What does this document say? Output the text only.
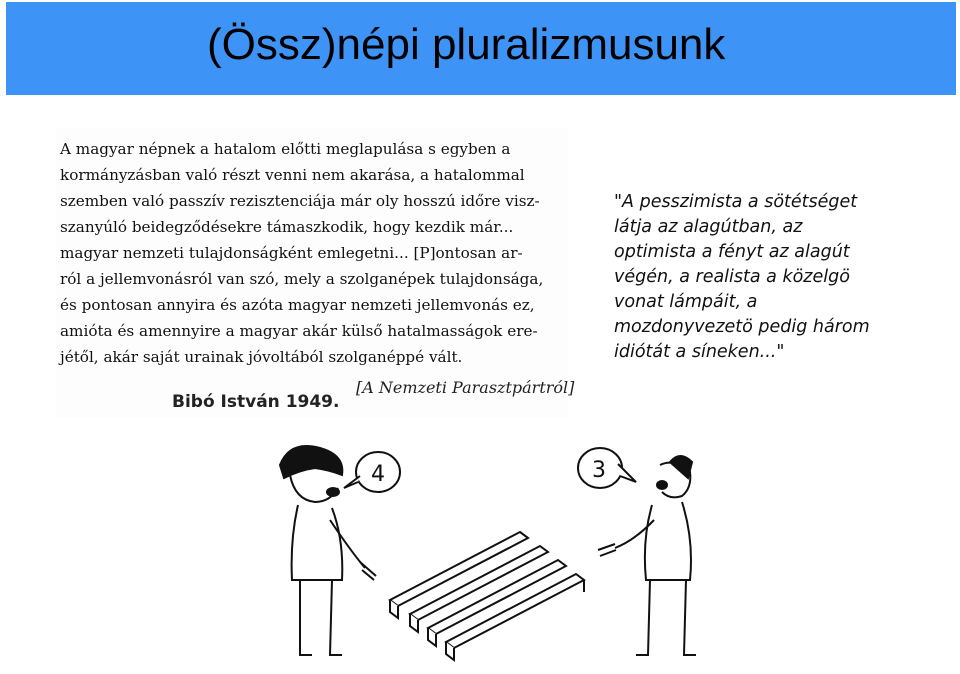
(Össz)népi pluralizmusunk
A magyar népnek a hatalom előtti meglapulása s egyben a
kormányzásban való részt venni nem akarása, a hatalommal
szemben való passzív rezisztenciája már oly hosszú időre visz-
szanyúló beidegződésekre támaszkodik, hogy kezdik már...
magyar nemzeti tulajdonságként emlegetni... [P]ontosan ar-
ról a jellemvonásról van szó, mely a szolganépek tulajdonsága,
és pontosan annyira és azóta magyar nemzeti jellemvonás ez,
amióta és amennyire a magyar akár külső hatalmasságok ere-
jétől, akár saját urainak jóvoltából szolganéppé vált.
[A Nemzeti Parasztpártról]
Bibó István 1949.
"A pesszimista a sötétséget
látja az alagútban, az
optimista a fényt az alagút
végén, a realista a közelgö
vonat lámpáit, a
mozdonyvezetö pedig három
idiótát a síneken..."
4	3
